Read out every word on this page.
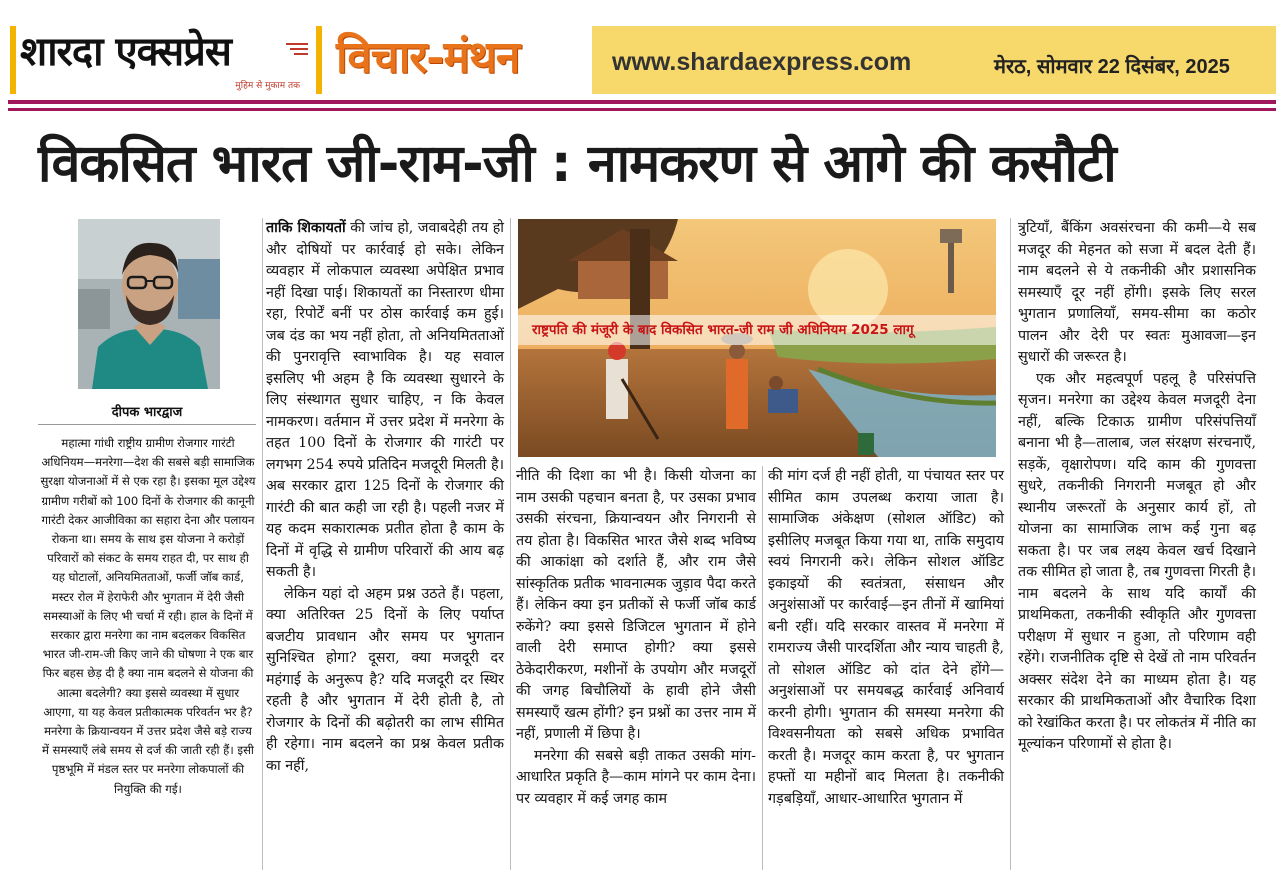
शारदा एक्सप्रेस
मुहिम से मुकाम तक
विचार-मंथन	www.shardaexpress.com	मेरठ, सोमवार 22 दिसंबर, 2025
विकसित भारत जी-राम-जी : नामकरण से आगे की कसौटी
दीपक भारद्वाज
महात्मा गांधी राष्ट्रीय ग्रामीण रोजगार गारंटी अधिनियम—मनरेगा—देश की सबसे बड़ी सामाजिक सुरक्षा योजनाओं में से एक रहा है। इसका मूल उद्देश्य ग्रामीण गरीबों को 100 दिनों के रोजगार की कानूनी गारंटी देकर आजीविका का सहारा देना और पलायन रोकना था। समय के साथ इस योजना ने करोड़ों परिवारों को संकट के समय राहत दी, पर साथ ही यह घोटालों, अनियमितताओं, फर्जी जॉब कार्ड, मस्टर रोल में हेराफेरी और भुगतान में देरी जैसी समस्याओं के लिए भी चर्चा में रही। हाल के दिनों में सरकार द्वारा मनरेगा का नाम बदलकर विकसित भारत जी-राम-जी किए जाने की घोषणा ने एक बार फिर बहस छेड़ दी है क्या नाम बदलने से योजना की आत्मा बदलेगी? क्या इससे व्यवस्था में सुधार आएगा, या यह केवल प्रतीकात्मक परिवर्तन भर है? मनरेगा के क्रियान्वयन में उत्तर प्रदेश जैसे बड़े राज्य में समस्याएँ लंबे समय से दर्ज की जाती रही हैं। इसी पृष्ठभूमि में मंडल स्तर पर मनरेगा लोकपालों की नियुक्ति की गई।

ताकि शिकायतों की जांच हो, जवाबदेही तय हो और दोषियों पर कार्रवाई हो सके। लेकिन व्यवहार में लोकपाल व्यवस्था अपेक्षित प्रभाव नहीं दिखा पाई। शिकायतों का निस्तारण धीमा रहा, रिपोर्टें बनीं पर ठोस कार्रवाई कम हुई। जब दंड का भय नहीं होता, तो अनियमितताओं की पुनरावृत्ति स्वाभाविक है। यह सवाल इसलिए भी अहम है कि व्यवस्था सुधारने के लिए संस्थागत सुधार चाहिए, न कि केवल नामकरण। वर्तमान में उत्तर प्रदेश में मनरेगा के तहत 100 दिनों के रोजगार की गारंटी पर लगभग 254 रुपये प्रतिदिन मजदूरी मिलती है। अब सरकार द्वारा 125 दिनों के रोजगार की गारंटी की बात कही जा रही है। पहली नजर में यह कदम सकारात्मक प्रतीत होता है काम के दिनों में वृद्धि से ग्रामीण परिवारों की आय बढ़ सकती है।

लेकिन यहां दो अहम प्रश्न उठते हैं। पहला, क्या अतिरिक्त 25 दिनों के लिए पर्याप्त बजटीय प्रावधान और समय पर भुगतान सुनिश्चित होगा? दूसरा, क्या मजदूरी दर महंगाई के अनुरूप है? यदि मजदूरी दर स्थिर रहती है और भुगतान में देरी होती है, तो रोजगार के दिनों की बढ़ोतरी का लाभ सीमित ही रहेगा। नाम बदलने का प्रश्न केवल प्रतीक का नहीं,

राष्ट्रपति की मंजूरी के बाद विकसित भारत-जी राम जी अधिनियम 2025 लागू

नीति की दिशा का भी है। किसी योजना का नाम उसकी पहचान बनता है, पर उसका प्रभाव उसकी संरचना, क्रियान्वयन और निगरानी से तय होता है। विकसित भारत जैसे शब्द भविष्य की आकांक्षा को दर्शाते हैं, और राम जैसे सांस्कृतिक प्रतीक भावनात्मक जुड़ाव पैदा करते हैं। लेकिन क्या इन प्रतीकों से फर्जी जॉब कार्ड रुकेंगे? क्या इससे डिजिटल भुगतान में होने वाली देरी समाप्त होगी? क्या इससे ठेकेदारीकरण, मशीनों के उपयोग और मजदूरों की जगह बिचौलियों के हावी होने जैसी समस्याएँ खत्म होंगी? इन प्रश्नों का उत्तर नाम में नहीं, प्रणाली में छिपा है।

मनरेगा की सबसे बड़ी ताकत उसकी मांग-आधारित प्रकृति है—काम मांगने पर काम देना। पर व्यवहार में कई जगह काम

की मांग दर्ज ही नहीं होती, या पंचायत स्तर पर सीमित काम उपलब्ध कराया जाता है। सामाजिक अंकेक्षण (सोशल ऑडिट) को इसीलिए मजबूत किया गया था, ताकि समुदाय स्वयं निगरानी करे। लेकिन सोशल ऑडिट इकाइयों की स्वतंत्रता, संसाधन और अनुशंसाओं पर कार्रवाई—इन तीनों में खामियां बनी रहीं। यदि सरकार वास्तव में मनरेगा में रामराज्य जैसी पारदर्शिता और न्याय चाहती है, तो सोशल ऑडिट को दांत देने होंगे—अनुशंसाओं पर समयबद्ध कार्रवाई अनिवार्य करनी होगी। भुगतान की समस्या मनरेगा की विश्वसनीयता को सबसे अधिक प्रभावित करती है। मजदूर काम करता है, पर भुगतान हफ्तों या महीनों बाद मिलता है। तकनीकी गड़बड़ियाँ, आधार-आधारित भुगतान में

त्रुटियाँ, बैंकिंग अवसंरचना की कमी—ये सब मजदूर की मेहनत को सजा में बदल देती हैं। नाम बदलने से ये तकनीकी और प्रशासनिक समस्याएँ दूर नहीं होंगी। इसके लिए सरल भुगतान प्रणालियाँ, समय-सीमा का कठोर पालन और देरी पर स्वतः मुआवजा—इन सुधारों की जरूरत है।

एक और महत्वपूर्ण पहलू है परिसंपत्ति सृजन। मनरेगा का उद्देश्य केवल मजदूरी देना नहीं, बल्कि टिकाऊ ग्रामीण परिसंपत्तियाँ बनाना भी है—तालाब, जल संरक्षण संरचनाएँ, सड़कें, वृक्षारोपण। यदि काम की गुणवत्ता सुधरे, तकनीकी निगरानी मजबूत हो और स्थानीय जरूरतों के अनुसार कार्य हों, तो योजना का सामाजिक लाभ कई गुना बढ़ सकता है। पर जब लक्ष्य केवल खर्च दिखाने तक सीमित हो जाता है, तब गुणवत्ता गिरती है। नाम बदलने के साथ यदि कार्यों की प्राथमिकता, तकनीकी स्वीकृति और गुणवत्ता परीक्षण में सुधार न हुआ, तो परिणाम वही रहेंगे। राजनीतिक दृष्टि से देखें तो नाम परिवर्तन अक्सर संदेश देने का माध्यम होता है। यह सरकार की प्राथमिकताओं और वैचारिक दिशा को रेखांकित करता है। पर लोकतंत्र में नीति का मूल्यांकन परिणामों से होता है।
